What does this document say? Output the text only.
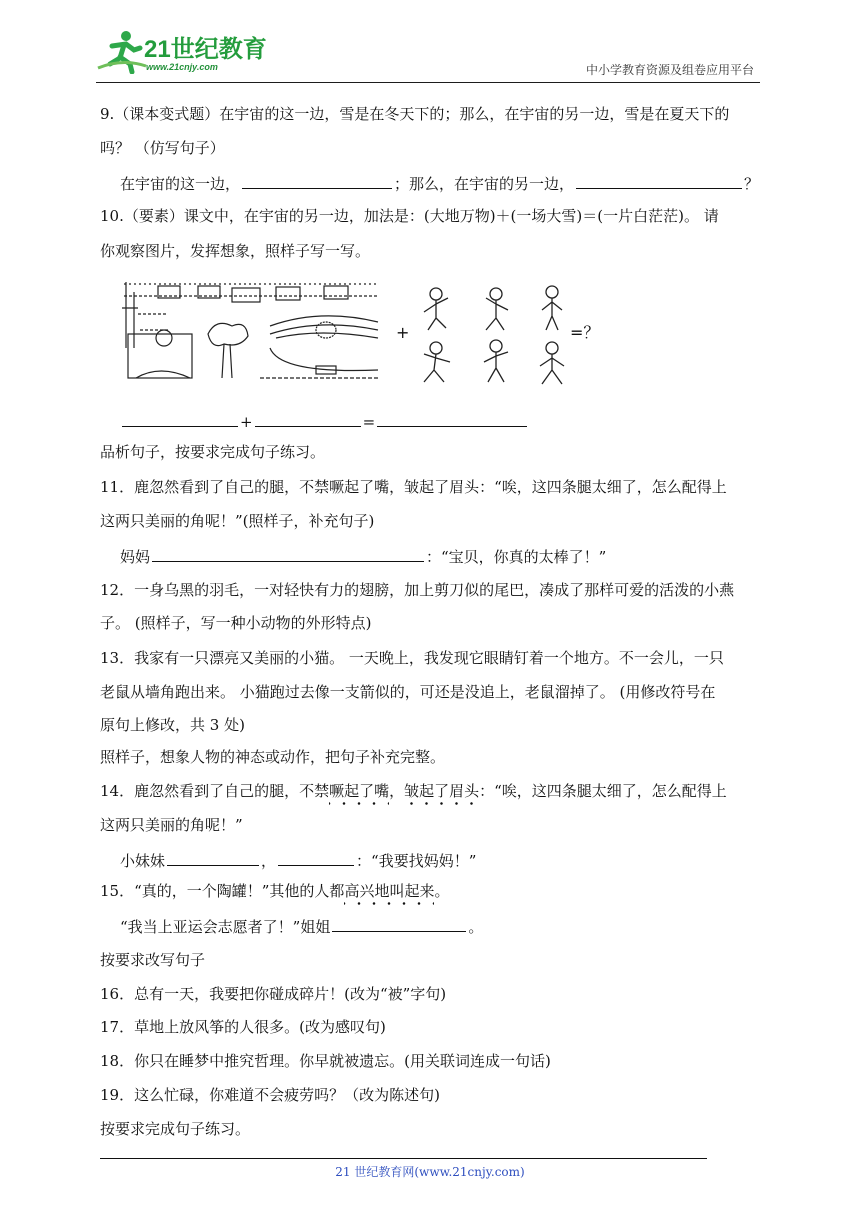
21世纪教育
www.21cnjy.com	中小学教育资源及组卷应用平台
9.（课本变式题）在宇宙的这一边，雪是在冬天下的；那么，在宇宙的另一边，雪是在夏天下的
吗？ （仿写句子）
在宇宙的这一边，	；那么，在宇宙的另一边，	？
10.（要素）课文中，在宇宙的另一边，加法是：(大地万物)＋(一场大雪)＝(一片白茫茫)。 请
你观察图片，发挥想象，照样子写一写。
+	=？
+	=
品析句子，按要求完成句子练习。
11．鹿忽然看到了自己的腿，不禁噘起了嘴，皱起了眉头：“唉，这四条腿太细了，怎么配得上
这两只美丽的角呢！”(照样子，补充句子)
妈妈	：“宝贝，你真的太棒了！”
12．一身乌黑的羽毛，一对轻快有力的翅膀，加上剪刀似的尾巴，凑成了那样可爱的活泼的小燕
子。 (照样子，写一种小动物的外形特点)
13．我家有一只漂亮又美丽的小猫。 一天晚上，我发现它眼睛钉着一个地方。不一会儿，一只
老鼠从墙角跑出来。 小猫跑过去像一支箭似的，可还是没追上，老鼠溜掉了。 (用修改符号在
原句上修改，共 3 处)
照样子，想象人物的神态或动作，把句子补充完整。
14．鹿忽然看到了自己的腿，不禁噘起了嘴，皱起了眉头：“唉，这四条腿太细了，怎么配得上
这两只美丽的角呢！”
小妹妹	，	：“我要找妈妈！”
15．“真的，一个陶罐！”其他的人都高兴地叫起来。
“我当上亚运会志愿者了！”姐姐	。
按要求改写句子
16．总有一天，我要把你碰成碎片！(改为“被”字句)
17．草地上放风筝的人很多。(改为感叹句)
18．你只在睡梦中推究哲理。你早就被遗忘。(用关联词连成一句话)
19．这么忙碌，你难道不会疲劳吗？（改为陈述句)
按要求完成句子练习。
21 世纪教育网(www.21cnjy.com)
